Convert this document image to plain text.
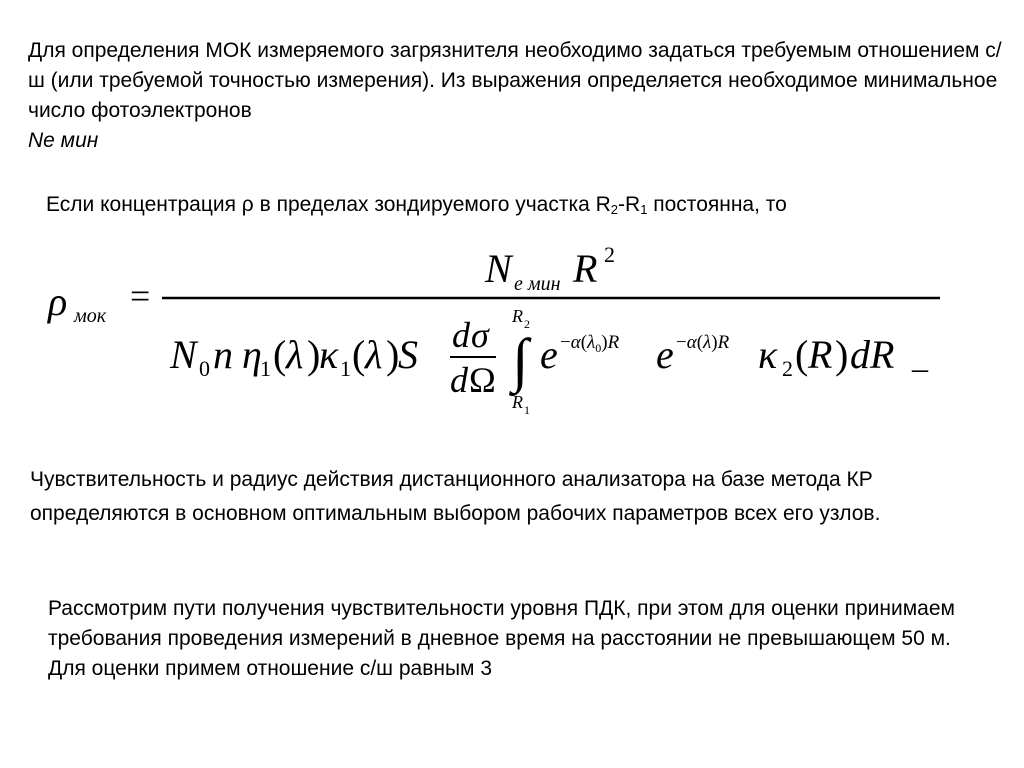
Для определения МОК измеряемого загрязнителя необходимо задаться требуемым отношением с/ш (или требуемой точностью измерения). Из выражения определяется необходимое минимальное число фотоэлектронов
Nе мин

Если концентрация ρ в пределах зондируемого участка $R_2-R_1$ постоянна, то

ρ мок =
N е мин R 2
N 0 n η
1 ( λ )
κ 1 ( λ )
S d σ
d Ω ∫
R 2
R 1
$e -\alpha(\lambda_0)R$ e −α(λ)R κ 2 ( R ) dR _

Чувствительность и радиус действия дистанционного анализатора на базе метода КР определяются в основном оптимальным выбором рабочих параметров всех его узлов.

Рассмотрим пути получения чувствительности уровня ПДК, при этом для оценки принимаем требования проведения измерений в дневное время на расстоянии не превышающем 50 м. Для оценки примем отношение с/ш равным 3
